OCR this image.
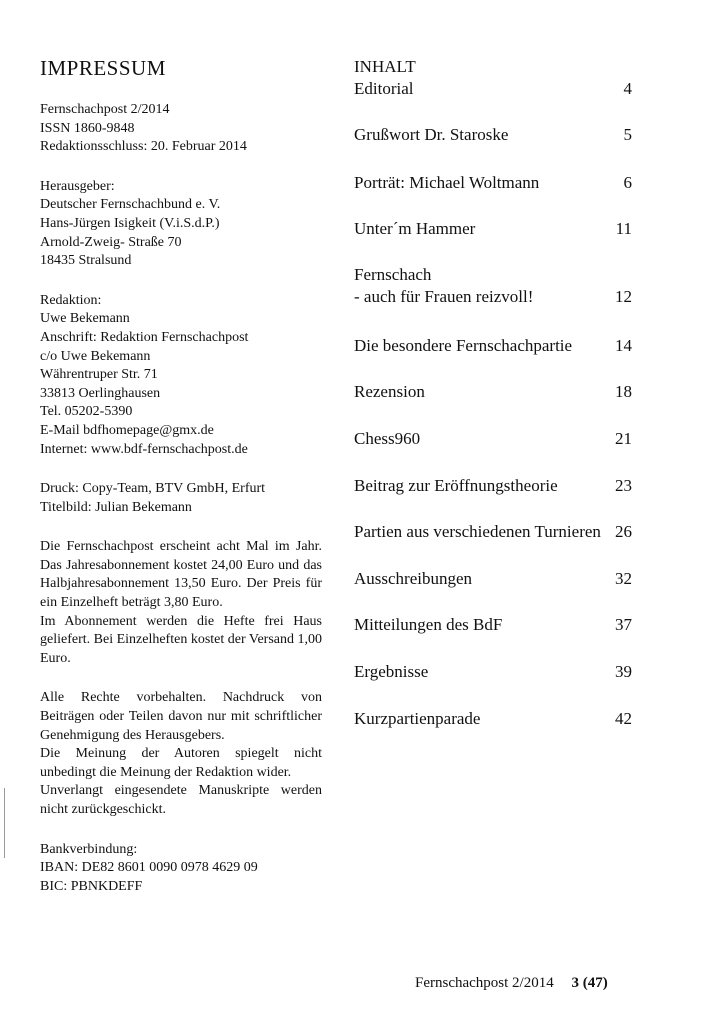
IMPRESSUM
Fernschachpost 2/2014
ISSN 1860-9848
Redaktionsschluss: 20. Februar 2014
Herausgeber:
Deutscher Fernschachbund e. V.
Hans-Jürgen Isigkeit (V.i.S.d.P.)
Arnold-Zweig- Straße 70
18435 Stralsund
Redaktion:
Uwe Bekemann
Anschrift: Redaktion Fernschachpost
c/o Uwe Bekemann
Währentruper Str. 71
33813 Oerlinghausen
Tel. 05202-5390
E-Mail bdfhomepage@gmx.de
Internet: www.bdf-fernschachpost.de
Druck: Copy-Team, BTV GmbH, Erfurt
Titelbild: Julian Bekemann

Die Fernschachpost erscheint acht Mal im Jahr. Das Jahresabonnement kostet 24,00 Euro und das Halbjahresabonnement 13,50 Euro. Der Preis für ein Einzelheft beträgt 3,80 Euro.

Im Abonnement werden die Hefte frei Haus geliefert. Bei Einzelheften kostet der Versand 1,00 Euro.

Alle Rechte vorbehalten. Nachdruck von Beiträgen oder Teilen davon nur mit schriftlicher Genehmigung des Herausgebers.

Die Meinung der Autoren spiegelt nicht unbedingt die Meinung der Redaktion wider.

Unverlangt eingesendete Manuskripte werden nicht zurückgeschickt.

Bankverbindung:
IBAN: DE82 8601 0090 0978 4629 09
BIC: PBNKDEFF
INHALT
Editorial	4
Grußwort Dr. Staroske	5
Porträt: Michael Woltmann	6
Unter´m Hammer	11
Fernschach
- auch für Frauen reizvoll!	12
Die besondere Fernschachpartie	14
Rezension	18
Chess960	21
Beitrag zur Eröffnungstheorie	23
Partien aus verschiedenen Turnieren 26
Ausschreibungen	32
Mitteilungen des BdF	37
Ergebnisse	39
Kurzpartienparade	42
Fernschachpost 2/2014 3 (47)
